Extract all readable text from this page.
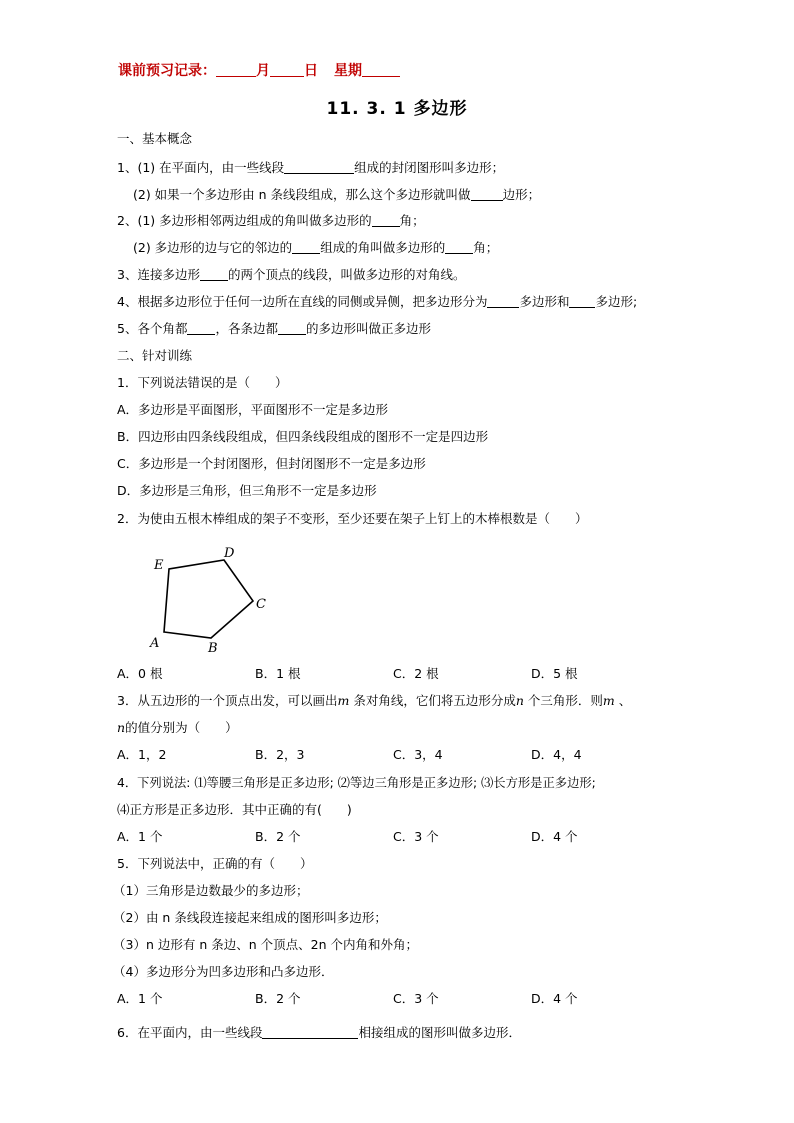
课前预习记录：	月 日 星期
11. 3. 1 多边形
一、基本概念
1、(1) 在平面内，由一些线段	组成的封闭图形叫多边形；
(2) 如果一个多边形由 n 条线段组成，那么这个多边形就叫做	边形；
2、(1) 多边形相邻两边组成的角叫做多边形的 角；
(2) 多边形的边与它的邻边的 组成的角叫做多边形的 角；
3、连接多边形 的两个顶点的线段，叫做多边形的对角线。
4、根据多边形位于任何一边所在直线的同侧或异侧，把多边形分为	多边形和 多边形;
5、各个角都 ，各条边都 的多边形叫做正多边形
二、针对训练
1．下列说法错误的是（　　）
A．多边形是平面图形，平面图形不一定是多边形
B．四边形由四条线段组成，但四条线段组成的图形不一定是四边形
C．多边形是一个封闭图形，但封闭图形不一定是多边形
D．多边形是三角形，但三角形不一定是多边形
2．为使由五根木棒组成的架子不变形，至少还要在架子上钉上的木棒根数是（　　）
A	B
C
D
E
A．0 根	B．1 根	C．2 根	D．5 根
3．从五边形的一个顶点出发，可以画出m 条对角线，它们将五边形分成n 个三角形．则m 、
n的值分别为（　　）
A．1，2	B．2，3	C．3，4	D．4，4
4．下列说法: ⑴等腰三角形是正多边形; ⑵等边三角形是正多边形; ⑶长方形是正多边形;
⑷正方形是正多边形．其中正确的有(　　)
A．1 个	B．2 个	C．3 个	D．4 个
5．下列说法中，正确的有（　　）
（1）三角形是边数最少的多边形；
（2）由 n 条线段连接起来组成的图形叫多边形；
（3）n 边形有 n 条边、n 个顶点、2n 个内角和外角；
（4）多边形分为凹多边形和凸多边形．
A．1 个	B．2 个	C．3 个	D．4 个
6．在平面内，由一些线段	相接组成的图形叫做多边形．
